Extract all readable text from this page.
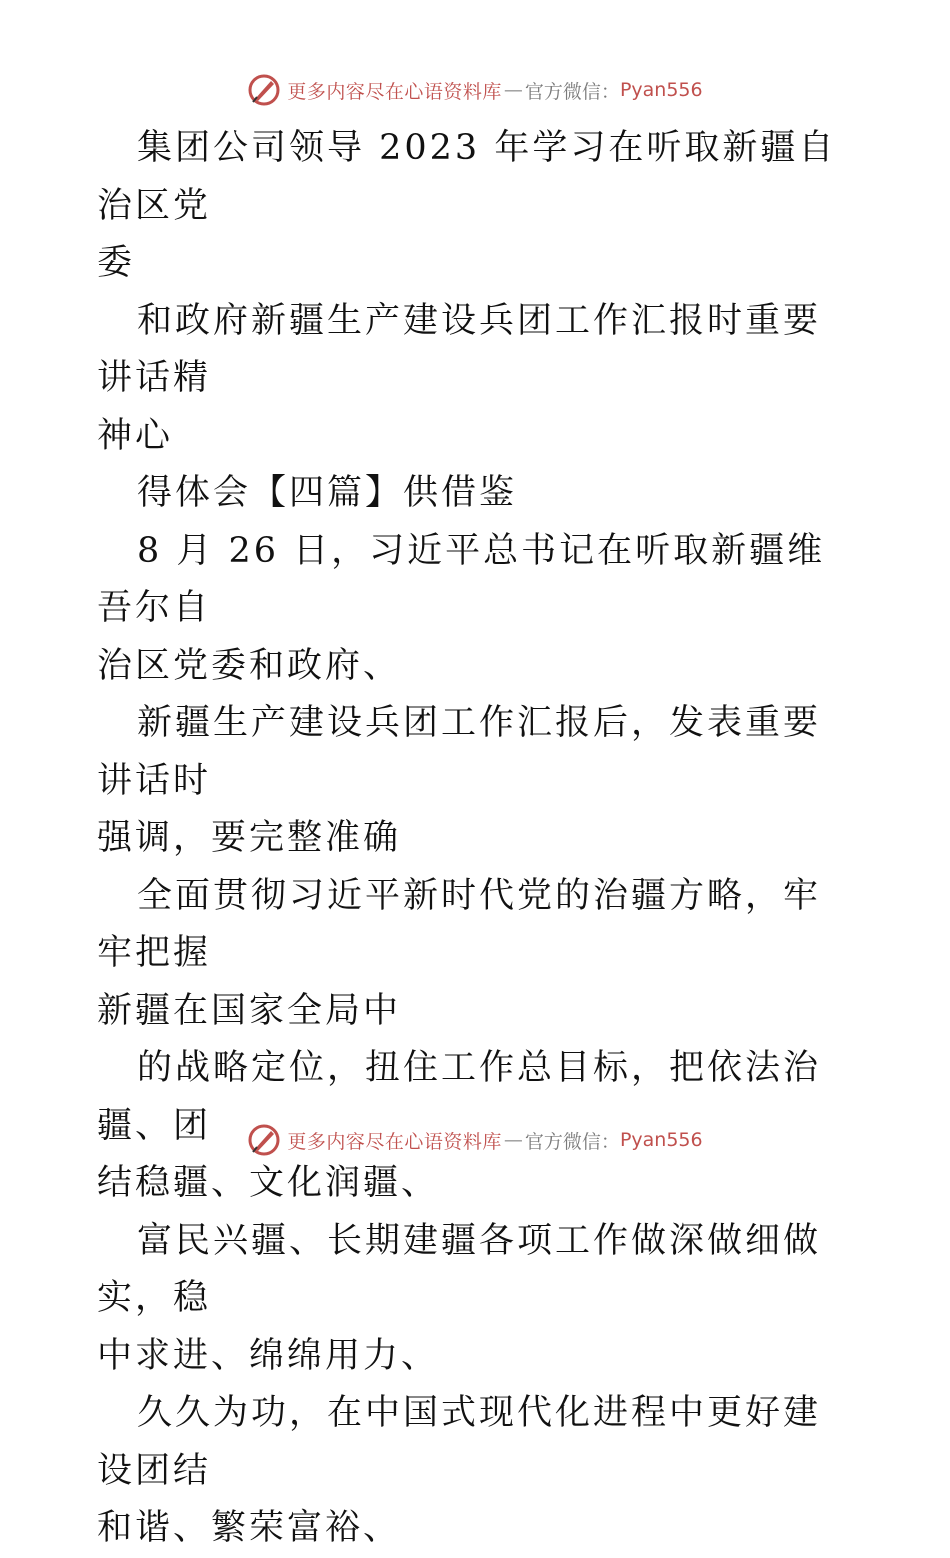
更多内容尽在心语资料库 — 官方微信： Pyan556

集团公司领导 2023 年学习在听取新疆自治区党

委

和政府新疆生产建设兵团工作汇报时重要讲话精

神心

得体会【四篇】供借鉴

8 月 26 日，习近平总书记在听取新疆维吾尔自

治区党委和政府、

新疆生产建设兵团工作汇报后，发表重要讲话时

强调，要完整准确

全面贯彻习近平新时代党的治疆方略，牢牢把握

新疆在国家全局中

的战略定位，扭住工作总目标，把依法治疆、团

结稳疆、文化润疆、

富民兴疆、长期建疆各项工作做深做细做实，稳

中求进、绵绵用力、

久久为功，在中国式现代化进程中更好建设团结

和谐、繁荣富裕、

更多内容尽在心语资料库 — 官方微信： Pyan556
